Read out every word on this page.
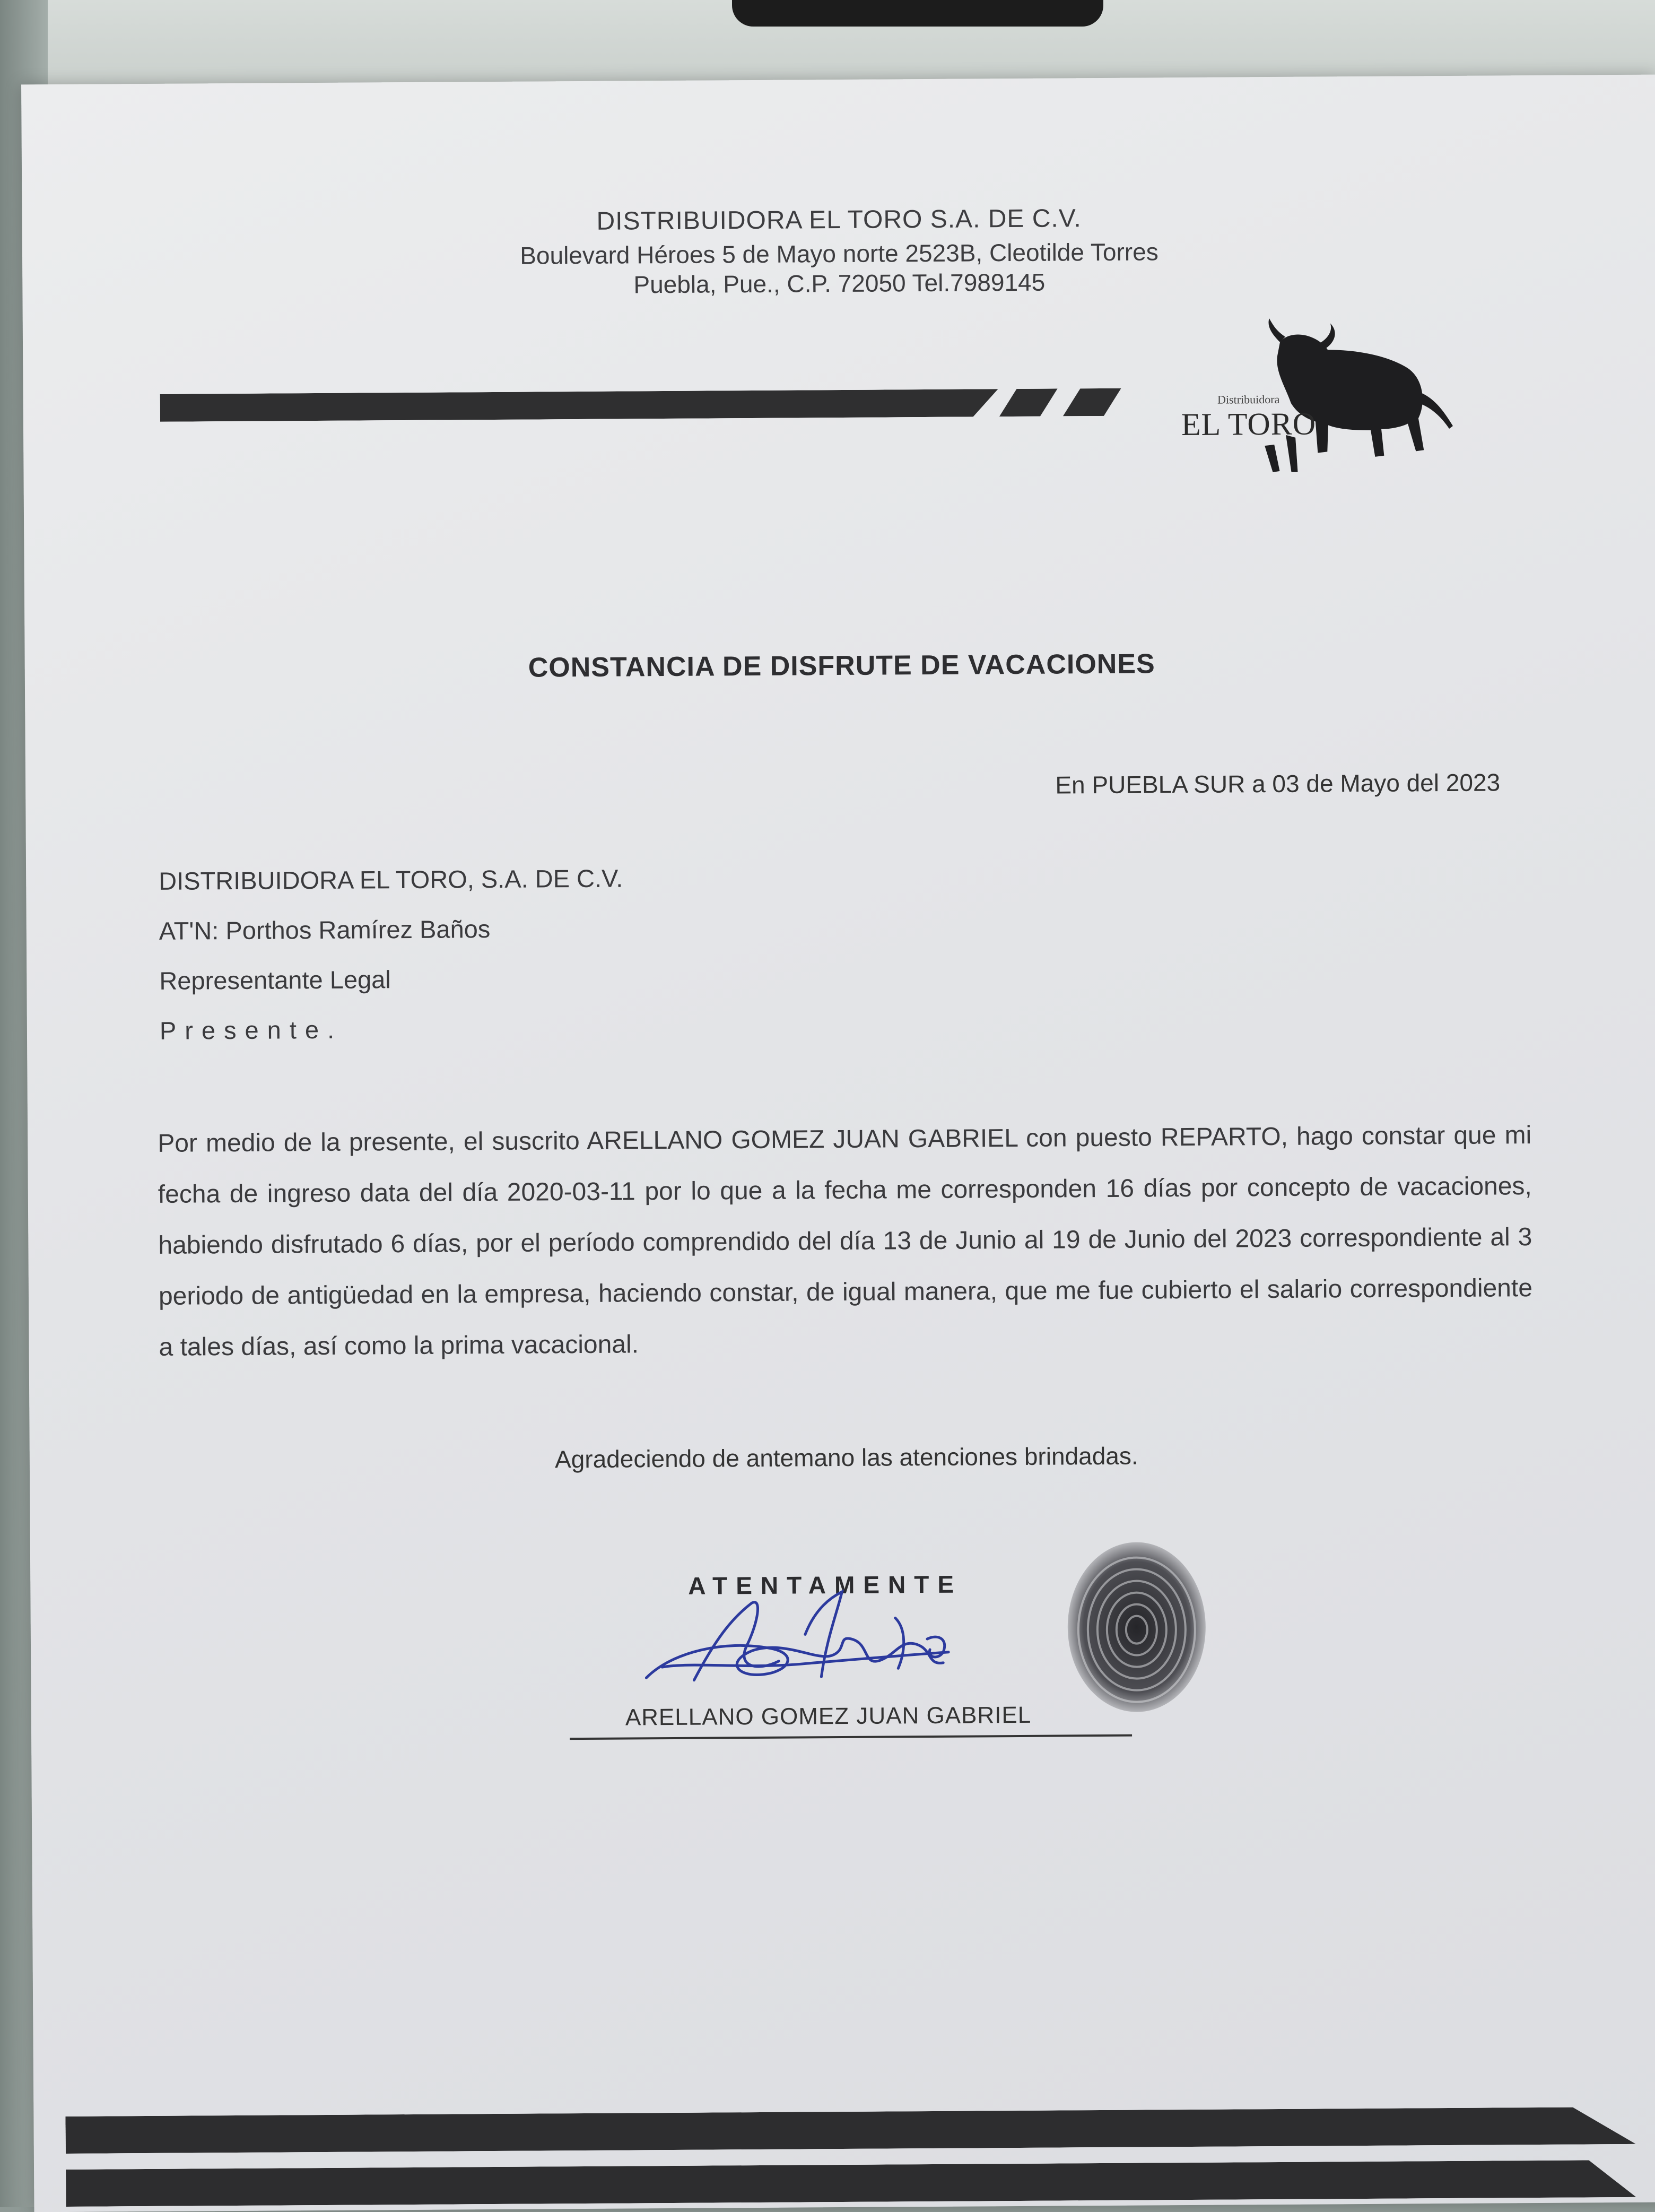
DISTRIBUIDORA EL TORO S.A. DE C.V.
Boulevard Héroes 5 de Mayo norte 2523B, Cleotilde Torres
Puebla, Pue., C.P. 72050 Tel.7989145
Distribuidora
EL TORO
CONSTANCIA DE DISFRUTE DE VACACIONES
En PUEBLA SUR a 03 de Mayo del 2023
DISTRIBUIDORA EL TORO, S.A. DE C.V.
AT'N: Porthos Ramírez Baños
Representante Legal
Presente.
Por medio de la presente, el suscrito ARELLANO GOMEZ JUAN GABRIEL con puesto REPARTO, hago constar que mi fecha de ingreso data del día 2020-03-11 por lo que a la fecha me corresponden 16 días por concepto de vacaciones, habiendo disfrutado 6 días, por el período comprendido del día 13 de Junio al 19 de Junio del 2023 correspondiente al 3 periodo de antigüedad en la empresa, haciendo constar, de igual manera, que me fue cubierto el salario correspondiente a tales días, así como la prima vacacional.
Agradeciendo de antemano las atenciones brindadas.
ATENTAMENTE
ARELLANO GOMEZ JUAN GABRIEL
